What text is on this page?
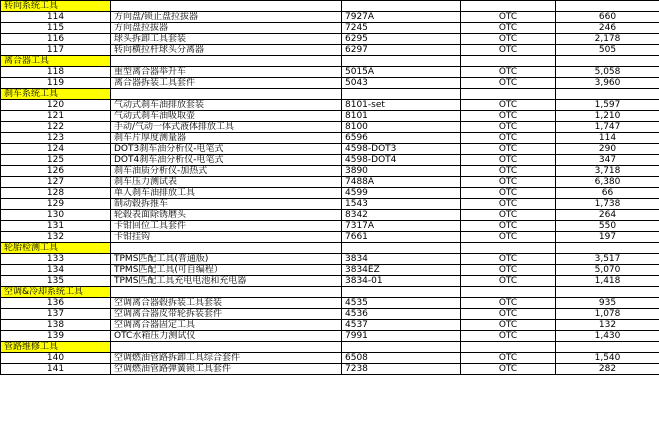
转向系统工具				
114	方向盘/锁止盘拉拔器	7927A	OTC	660
115	方向盘拉拔器	7245	OTC	246
116	球头拆卸工具套装	6295	OTC	2,178
117	转向横拉杆球头分离器	6297	OTC	505
离合器工具				
118	重型离合器举升车	5015A	OTC	5,058
119	离合器拆装工具套件	5043	OTC	3,960
刹车系统工具				
120	气动式刹车油排放套装	8101-set	OTC	1,597
121	气动式刹车油吸取壶	8101	OTC	1,210
122	手动/气动一体式液体排放工具	8100	OTC	1,747
123	刹车片厚度测量器	6596	OTC	114
124	DOT3刹车油分析仪-电笔式	4598-DOT3	OTC	290
125	DOT4刹车油分析仪-电笔式	4598-DOT4	OTC	347
126	刹车油质分析仪-加热式	3890	OTC	3,718
127	刹车压力测试表	7488A	OTC	6,380
128	单人刹车油排放工具	4599	OTC	66
129	制动毂拆推车	1543	OTC	1,738
130	轮毂表面除锈磨头	8342	OTC	264
131	卡钳回位工具套件	7317A	OTC	550
132	卡钳挂钩	7661	OTC	197
轮胎检测工具				
133	TPMS匹配工具(普通版)	3834	OTC	3,517
134	TPMS匹配工具(可自编程）	3834EZ	OTC	5,070
135	TPMS匹配工具充电电池和充电器	3834-01	OTC	1,418
空调&冷却系统工具				
136	空调离合器毂拆装工具套装	4535	OTC	935
137	空调离合器皮带轮拆装套件	4536	OTC	1,078
138	空调离合器固定工具	4537	OTC	132
139	OTC水箱压力测试仪	7991	OTC	1,430
管路维修工具				
140	空调燃油管路拆卸工具综合套件	6508	OTC	1,540
141	空调燃油管路弹簧锁工具套件	7238	OTC	282
